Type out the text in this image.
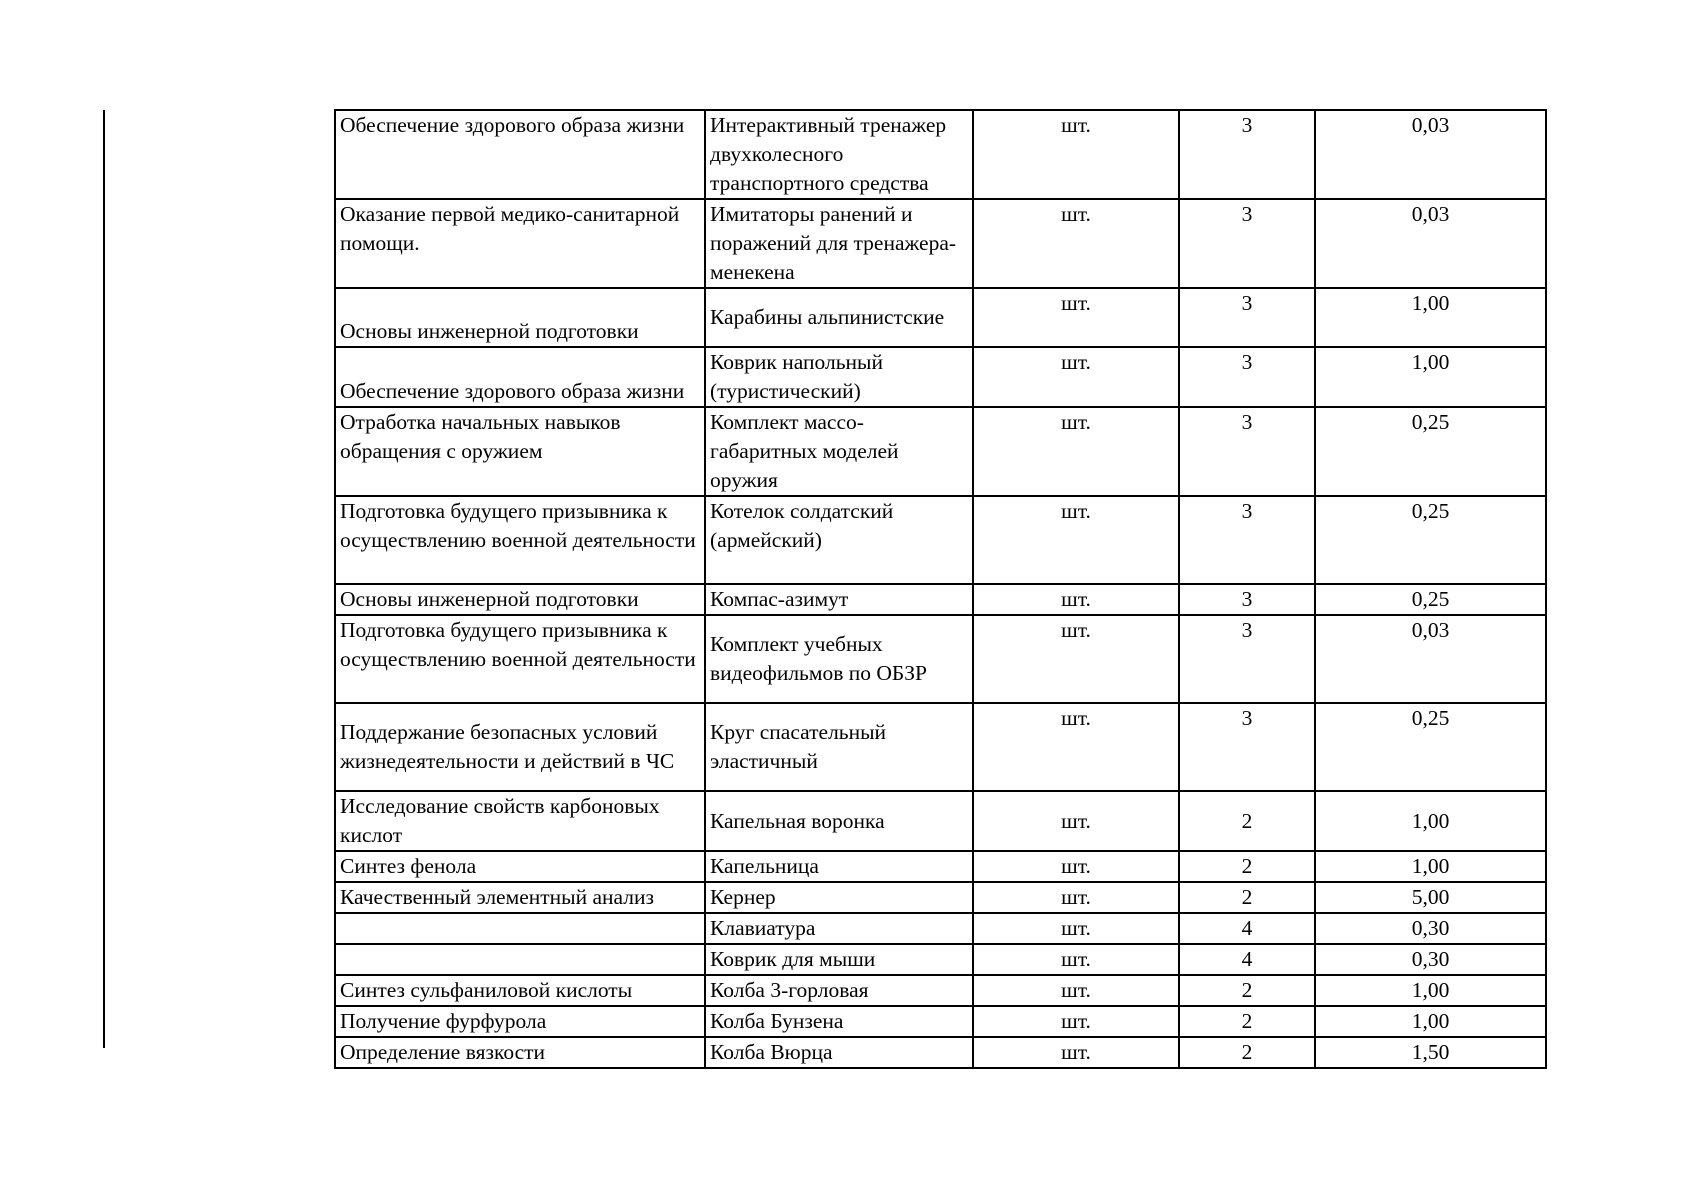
Обеспечение здорового образа жизни	Интерактивный тренажер двухколесного транспортного средства	шт.	3	0,03

Оказание первой медико-санитарной помощи.	Имитаторы ранений и поражений для тренажера-менекена	шт.	3	0,03

Основы инженерной подготовки	Карабины альпинистские	шт.	3	1,00

Обеспечение здорового образа жизни	Коврик напольный (туристический)	шт.	3	1,00

Отработка начальных навыков обращения с оружием	Комплект массо-габаритных моделей оружия	шт.	3	0,25

Подготовка будущего призывника к осуществлению военной деятельности	Котелок солдатский (армейский)	шт.	3	0,25

Основы инженерной подготовки	Компас-азимут	шт.	3	0,25

Подготовка будущего призывника к осуществлению военной деятельности	Комплект учебных видеофильмов по ОБЗР	шт.	3	0,03

Поддержание безопасных условий жизнедеятельности и действий в ЧС	Круг спасательный эластичный	шт.	3	0,25

Исследование свойств карбоновых кислот	Капельная воронка	шт.	2	1,00

Синтез фенола	Капельница	шт.	2	1,00

Качественный элементный анализ	Кернер	шт.	2	5,00

	Клавиатура	шт.	4	0,30

	Коврик для мыши	шт.	4	0,30

Синтез сульфаниловой кислоты	Колба 3-горловая	шт.	2	1,00

Получение фурфурола	Колба Бунзена	шт.	2	1,00

Определение вязкости	Колба Вюрца	шт.	2	1,50
